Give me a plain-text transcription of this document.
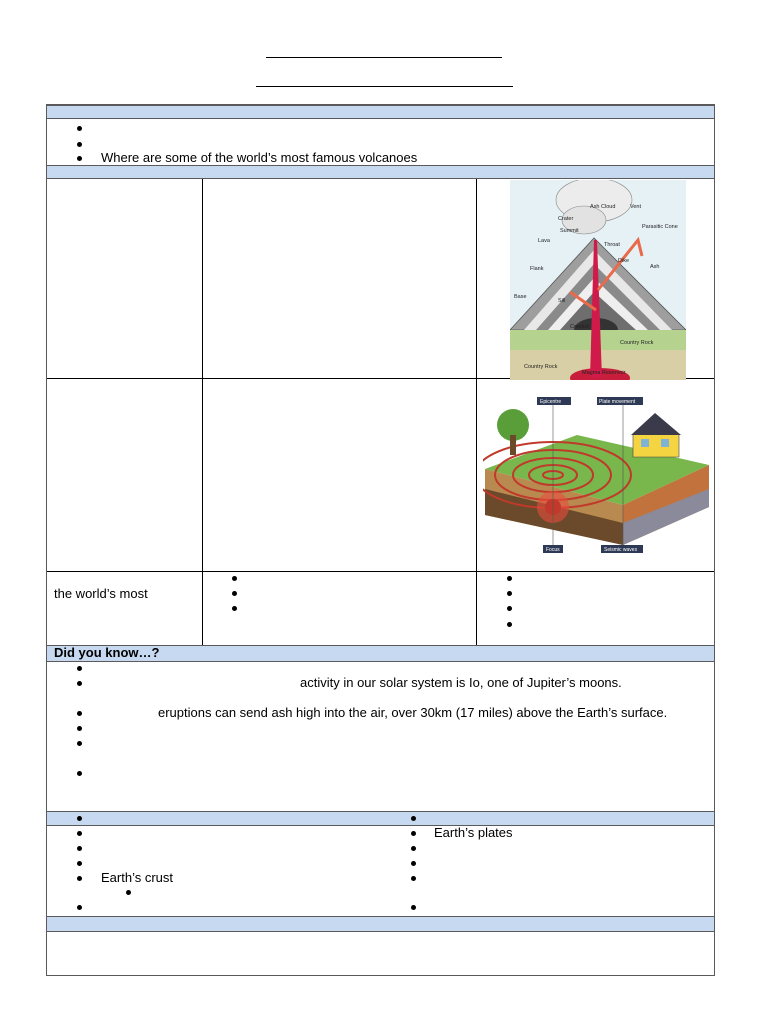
Where are some of the world’s most famous volcanoes
Ash Cloud	Vent
Crater
Summit
Parasitic Cone
Throat
Lava
Dike
Ash
Flank
Base
Sill
Conduit
Country Rock
Country Rock
Magma Reservoir
Epicentre	Plate movement
Focus	Seismic waves
the world’s most
Did you know…?
activity in our solar system is Io, one of Jupiter’s moons.
eruptions can send ash high into the air, over 30km (17 miles) above the Earth’s surface.
Earth’s crust
Earth’s plates
